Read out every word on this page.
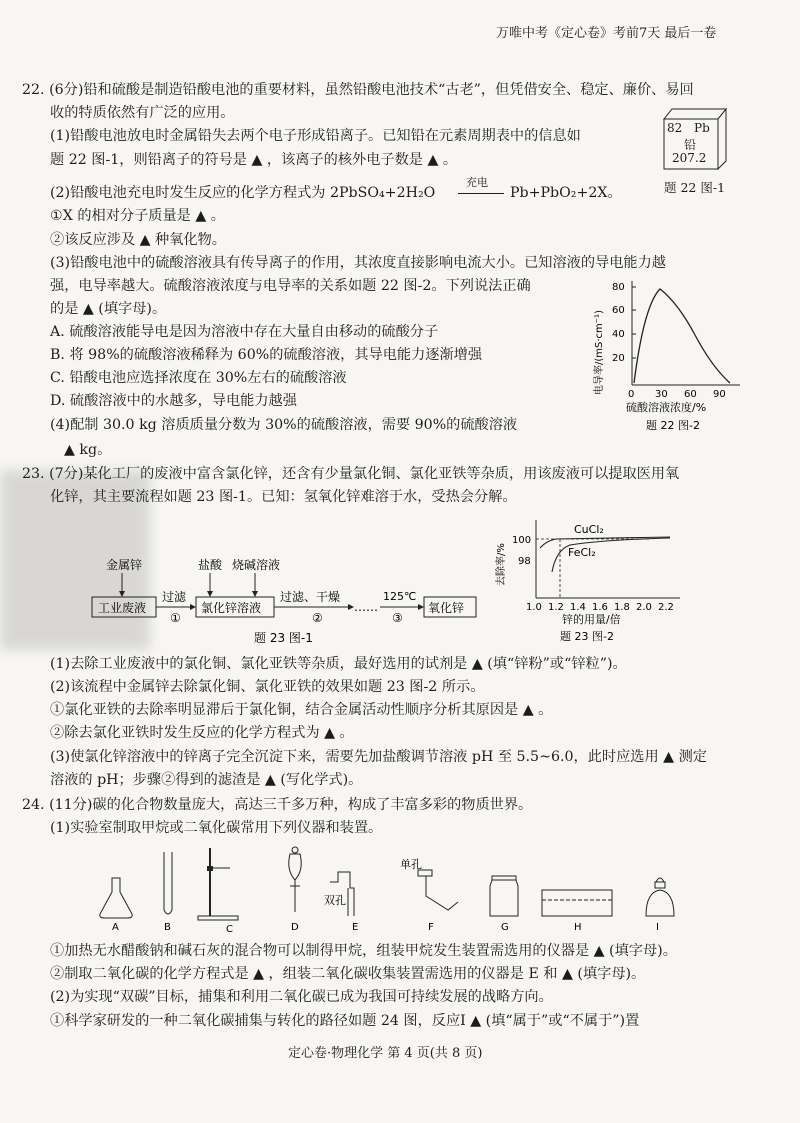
万唯中考《定心卷》考前7天 最后一卷
22. (6分)铅和硫酸是制造铅酸电池的重要材料，虽然铅酸电池技术“古老”，但凭借安全、稳定、廉价、易回
收的特质依然有广泛的应用。
(1)铅酸电池放电时金属铅失去两个电子形成铅离子。已知铅在元素周期表中的信息如
题 22 图-1，则铅离子的符号是 ▲ ，该离子的核外电子数是 ▲ 。
82 Pb
铅
207.2
题 22 图-1
(2)铅酸电池充电时发生反应的化学方程式为 2PbSO₄+2H₂O
充电
Pb+PbO₂+2X。
①X 的相对分子质量是 ▲ 。
②该反应涉及 ▲ 种氧化物。
(3)铅酸电池中的硫酸溶液具有传导离子的作用，其浓度直接影响电流大小。已知溶液的导电能力越
强，电导率越大。硫酸溶液浓度与电导率的关系如题 22 图-2。下列说法正确
的是 ▲ (填字母)。
A. 硫酸溶液能导电是因为溶液中存在大量自由移动的硫酸分子
B. 将 98%的硫酸溶液稀释为 60%的硫酸溶液，其导电能力逐渐增强
C. 铅酸电池应选择浓度在 30%左右的硫酸溶液
D. 硫酸溶液中的水越多，导电能力越强
(4)配制 30.0 kg 溶质质量分数为 30%的硫酸溶液，需要 90%的硫酸溶液
▲ kg。
80
60
40
20
0 30 60 90
电导率/(mS·cm⁻¹)
硫酸溶液浓度/%
题 22 图-2
23. (7分)某化工厂的废液中富含氯化锌，还含有少量氯化铜、氯化亚铁等杂质，用该废液可以提取医用氧
化锌，其主要流程如题 23 图-1。已知：氢氧化锌难溶于水，受热会分解。
金属锌	盐酸 烧碱溶液
工业废液
过滤
①
氯化锌溶液
过滤、干燥
②
……
125℃
③
氧化锌
题 23 图-1
去除率/%
100
98
CuCl₂
FeCl₂
1.0 1.2 1.4 1.6 1.8 2.0 2.2
锌的用量/倍
题 23 图-2
(1)去除工业废液中的氯化铜、氯化亚铁等杂质，最好选用的试剂是 ▲ (填“锌粉”或“锌粒”)。
(2)该流程中金属锌去除氯化铜、氯化亚铁的效果如题 23 图-2 所示。
①氯化亚铁的去除率明显滞后于氯化铜，结合金属活动性顺序分析其原因是 ▲ 。
②除去氯化亚铁时发生反应的化学方程式为 ▲ 。
(3)使氯化锌溶液中的锌离子完全沉淀下来，需要先加盐酸调节溶液 pH 至 5.5~6.0，此时应选用 ▲ 测定
溶液的 pH；步骤②得到的滤渣是 ▲ (写化学式)。
24. (11分)碳的化合物数量庞大，高达三千多万种，构成了丰富多彩的物质世界。
(1)实验室制取甲烷或二氧化碳常用下列仪器和装置。
A	B	C	D
双孔
E
单孔
F	G	H	I
①加热无水醋酸钠和碱石灰的混合物可以制得甲烷，组装甲烷发生装置需选用的仪器是 ▲ (填字母)。
②制取二氧化碳的化学方程式是 ▲ ，组装二氧化碳收集装置需选用的仪器是 E 和 ▲ (填字母)。
(2)为实现“双碳”目标，捕集和利用二氧化碳已成为我国可持续发展的战略方向。
①科学家研发的一种二氧化碳捕集与转化的路径如题 24 图，反应Ⅰ ▲ (填“属于”或“不属于”)置
定心卷·物理化学 第 4 页(共 8 页)
